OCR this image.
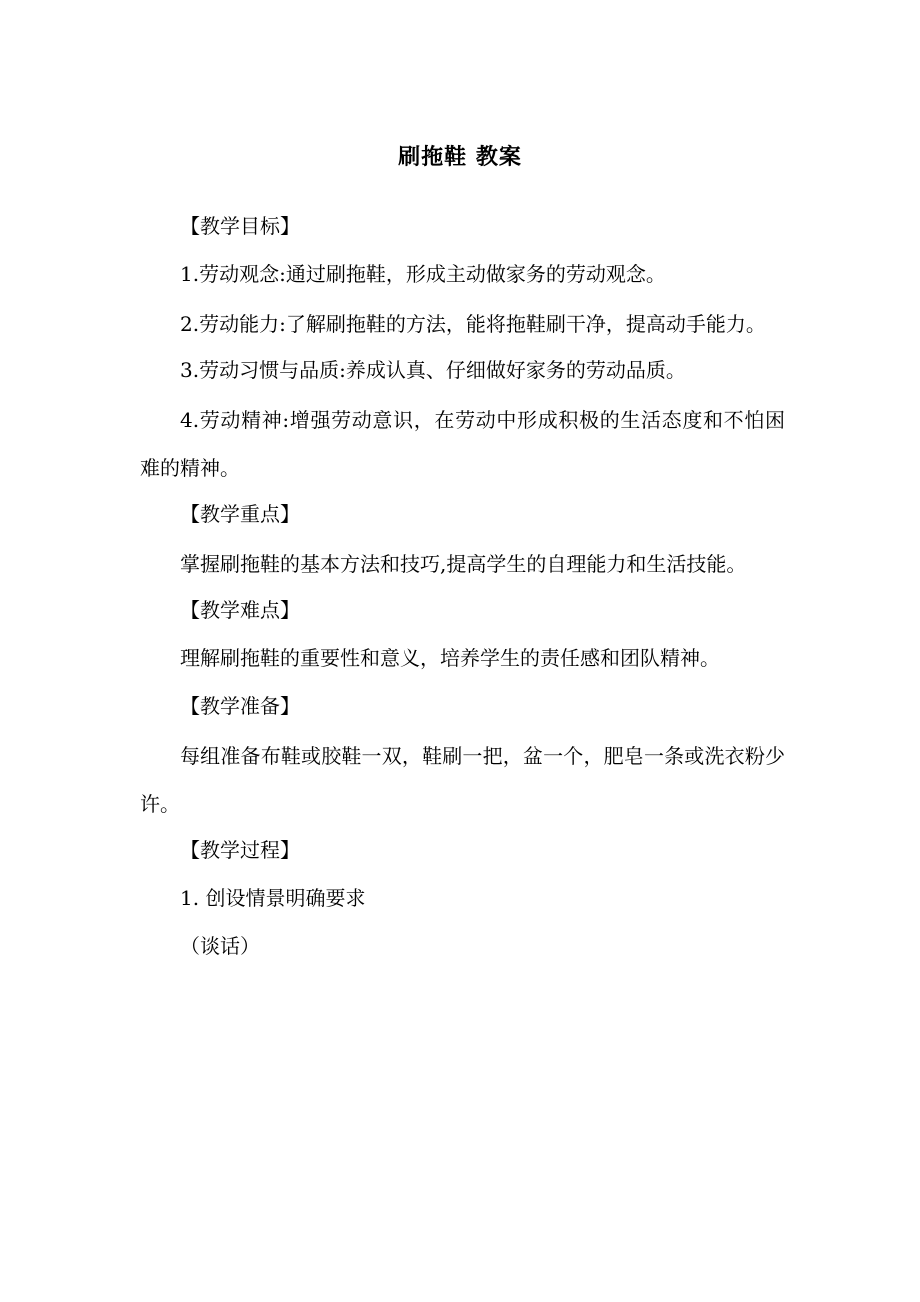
刷拖鞋 教案

【教学目标】

1.劳动观念:通过刷拖鞋，形成主动做家务的劳动观念。

2.劳动能力:了解刷拖鞋的方法，能将拖鞋刷干净，提高动手能力。

3.劳动习惯与品质:养成认真、仔细做好家务的劳动品质。

4.劳动精神:增强劳动意识，在劳动中形成积极的生活态度和不怕困难的精神。

【教学重点】

掌握刷拖鞋的基本方法和技巧,提高学生的自理能力和生活技能。

【教学难点】

理解刷拖鞋的重要性和意义，培养学生的责任感和团队精神。

【教学准备】

每组准备布鞋或胶鞋一双，鞋刷一把，盆一个，肥皂一条或洗衣粉少许。

【教学过程】

1. 创设情景明确要求

（谈话）
